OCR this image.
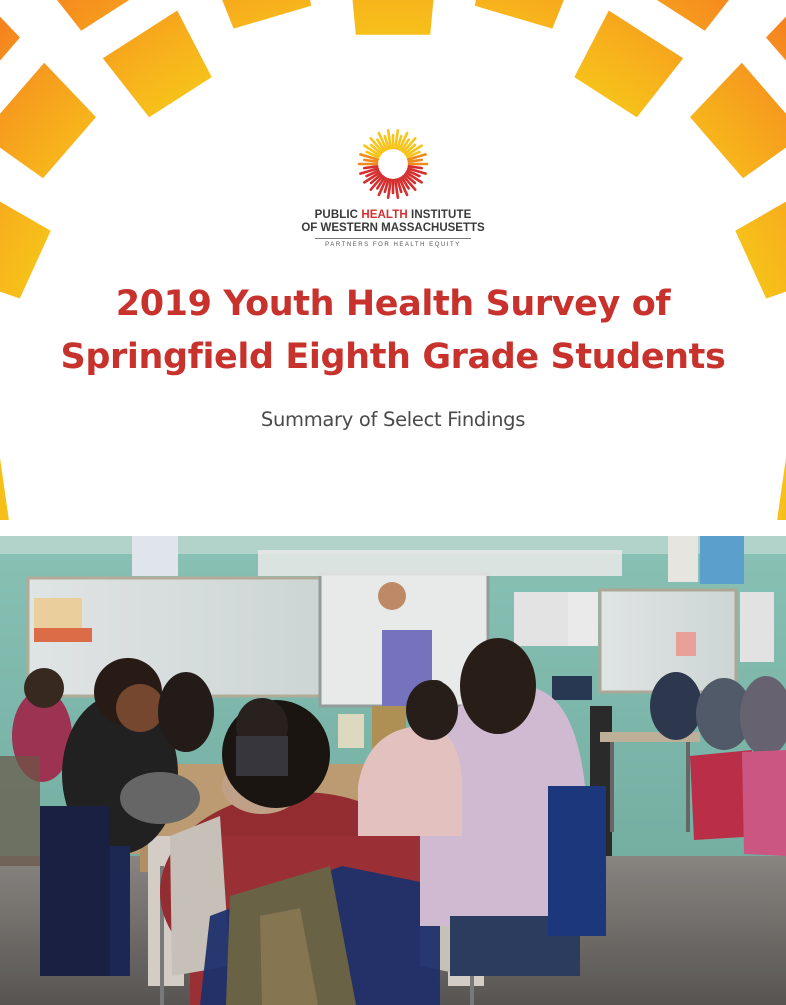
PUBLIC HEALTH INSTITUTE
OF WESTERN MASSACHUSETTS
PARTNERS FOR HEALTH EQUITY
2019 Youth Health Survey of
Springfield Eighth Grade Students
Summary of Select Findings
